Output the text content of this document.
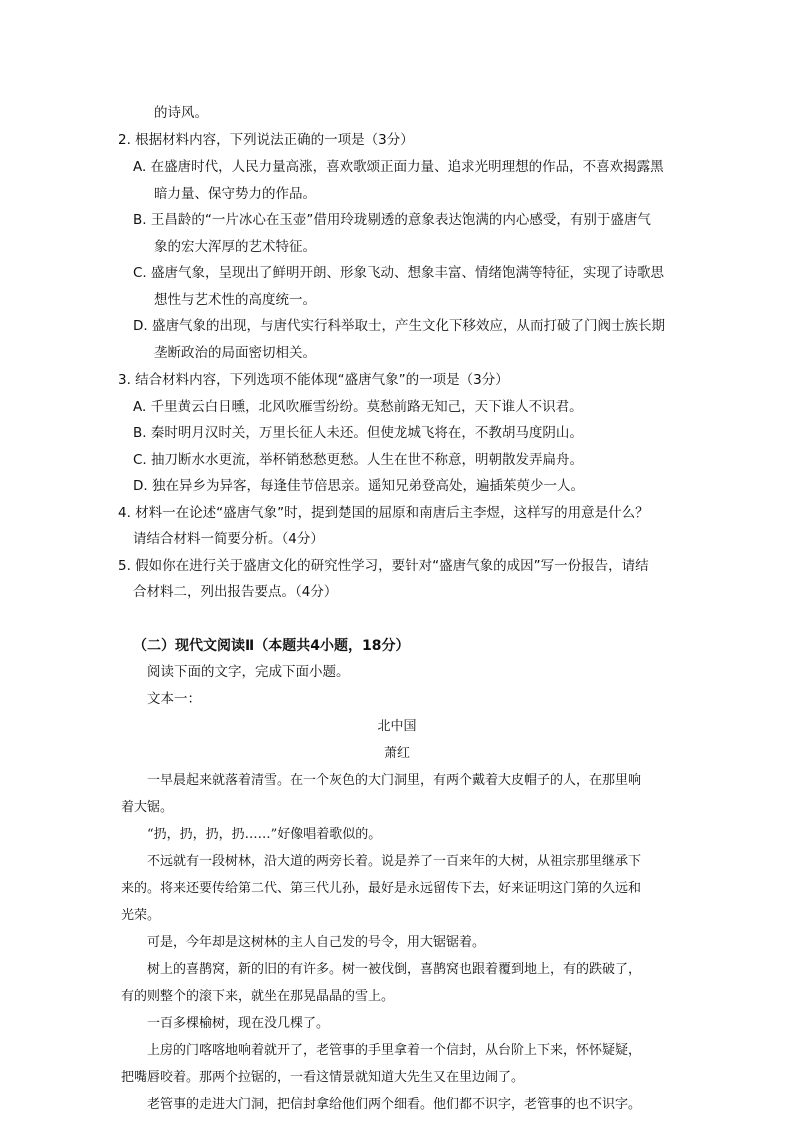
的诗风。
2. 根据材料内容，下列说法正确的一项是（3分）
A. 在盛唐时代，人民力量高涨，喜欢歌颂正面力量、追求光明理想的作品，不喜欢揭露黑
暗力量、保守势力的作品。
B. 王昌龄的“一片冰心在玉壶”借用玲珑剔透的意象表达饱满的内心感受，有别于盛唐气
象的宏大浑厚的艺术特征。
C. 盛唐气象，呈现出了鲜明开朗、形象飞动、想象丰富、情绪饱满等特征，实现了诗歌思
想性与艺术性的高度统一。
D. 盛唐气象的出现，与唐代实行科举取士，产生文化下移效应，从而打破了门阀士族长期
垄断政治的局面密切相关。
3. 结合材料内容，下列选项不能体现“盛唐气象”的一项是（3分）
A. 千里黄云白日曛，北风吹雁雪纷纷。莫愁前路无知己，天下谁人不识君。
B. 秦时明月汉时关，万里长征人未还。但使龙城飞将在，不教胡马度阴山。
C. 抽刀断水水更流，举杯销愁愁更愁。人生在世不称意，明朝散发弄扁舟。
D. 独在异乡为异客，每逢佳节倍思亲。遥知兄弟登高处，遍插茱萸少一人。
4. 材料一在论述“盛唐气象”时，提到楚国的屈原和南唐后主李煜，这样写的用意是什么？
请结合材料一简要分析。（4分）
5. 假如你在进行关于盛唐文化的研究性学习，要针对“盛唐气象的成因”写一份报告，请结
合材料二，列出报告要点。（4分）
（二）现代文阅读Ⅱ（本题共4小题，18分）
阅读下面的文字，完成下面小题。
文本一：
北中国
萧红
一早晨起来就落着清雪。在一个灰色的大门洞里，有两个戴着大皮帽子的人，在那里响
着大锯。
“扔，扔，扔，扔……”好像唱着歌似的。
不远就有一段树林，沿大道的两旁长着。说是养了一百来年的大树，从祖宗那里继承下
来的。将来还要传给第二代、第三代儿孙，最好是永远留传下去，好来证明这门第的久远和
光荣。
可是，今年却是这树林的主人自己发的号令，用大锯锯着。
树上的喜鹊窝，新的旧的有许多。树一被伐倒，喜鹊窝也跟着覆到地上，有的跌破了，
有的则整个的滚下来，就坐在那晃晶晶的雪上。
一百多棵榆树，现在没几棵了。
上房的门喀喀地响着就开了，老管事的手里拿着一个信封，从台阶上下来，怀怀疑疑，
把嘴唇咬着。那两个拉锯的，一看这情景就知道大先生又在里边闹了。
老管事的走进大门洞，把信封拿给他们两个细看。他们都不识字，老管事的也不识字。
